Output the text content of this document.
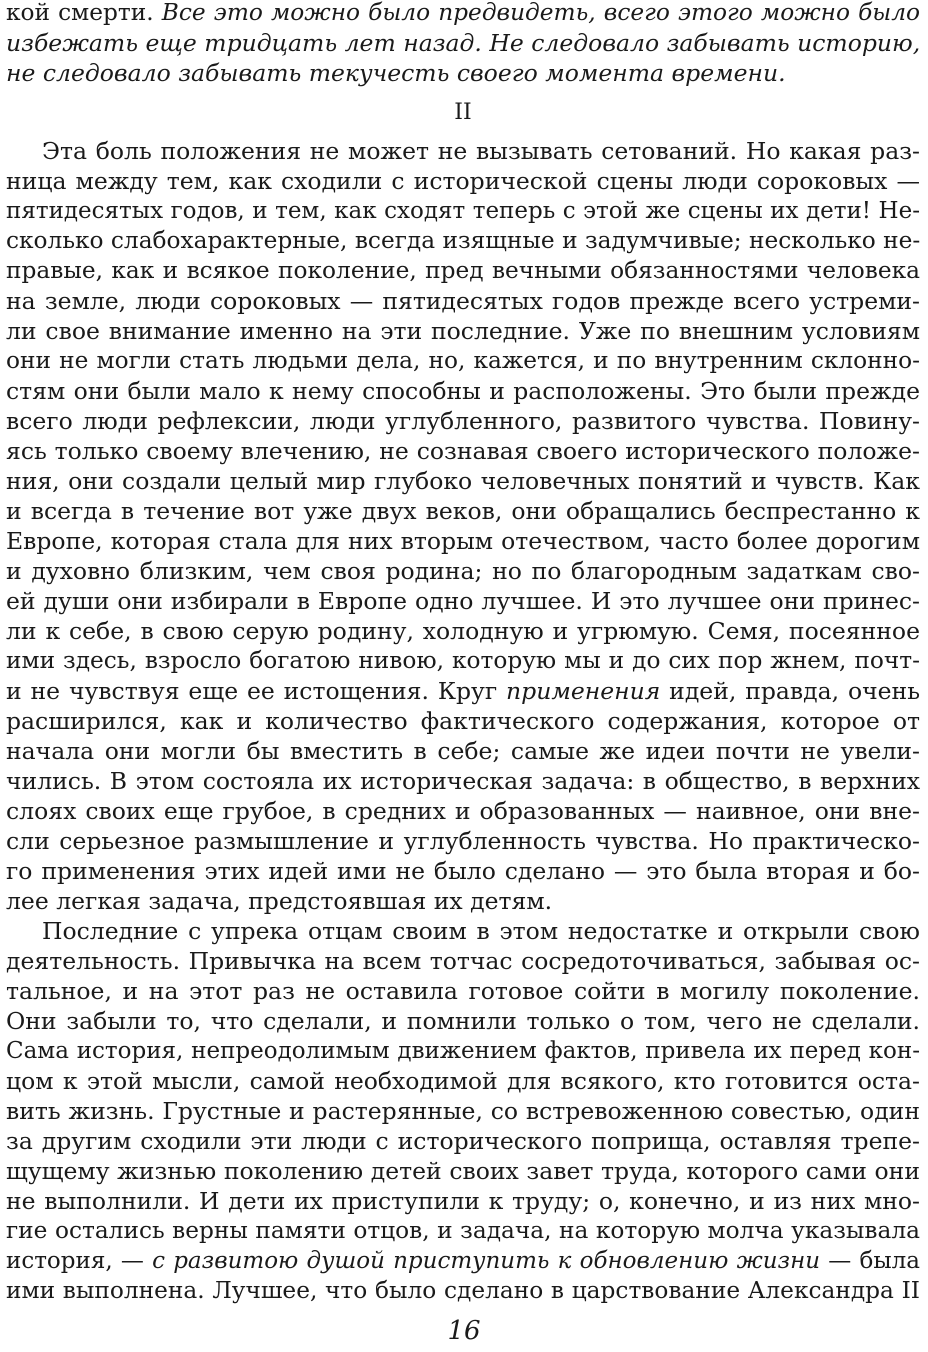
кой смерти. Все это можно было предвидеть, всего этого можно было
избежать еще тридцать лет назад. Не следовало забывать историю,
не следовало забывать текучесть своего момента времени.
II
Эта боль положения не может не вызывать сетований. Но какая раз-
ница между тем, как сходили с исторической сцены люди сороковых —
пятидесятых годов, и тем, как сходят теперь с этой же сцены их дети! Не-
сколько слабохарактерные, всегда изящные и задумчивые; несколько не-
правые, как и всякое поколение, пред вечными обязанностями человека
на земле, люди сороковых — пятидесятых годов прежде всего устреми-
ли свое внимание именно на эти последние. Уже по внешним условиям
они не могли стать людьми дела, но, кажется, и по внутренним склонно-
стям они были мало к нему способны и расположены. Это были прежде
всего люди рефлексии, люди углубленного, развитого чувства. Повину-
ясь только своему влечению, не сознавая своего исторического положе-
ния, они создали целый мир глубоко человечных понятий и чувств. Как
и всегда в течение вот уже двух веков, они обращались беспрестанно к
Европе, которая стала для них вторым отечеством, часто более дорогим
и духовно близким, чем своя родина; но по благородным задаткам сво-
ей души они избирали в Европе одно лучшее. И это лучшее они принес-
ли к себе, в свою серую родину, холодную и угрюмую. Семя, посеянное
ими здесь, взросло богатою нивою, которую мы и до сих пор жнем, почт-
и не чувствуя еще ее истощения. Круг применения идей, правда, очень
расширился, как и количество фактического содержания, которое от
начала они могли бы вместить в себе; самые же идеи почти не увели-
чились. В этом состояла их историческая задача: в общество, в верхних
слоях своих еще грубое, в средних и образованных — наивное, они вне-
сли серьезное размышление и углубленность чувства. Но практическо-
го применения этих идей ими не было сделано — это была вторая и бо-
лее легкая задача, предстоявшая их детям.
Последние с упрека отцам своим в этом недостатке и открыли свою
деятельность. Привычка на всем тотчас сосредоточиваться, забывая ос-
тальное, и на этот раз не оставила готовое сойти в могилу поколение.
Они забыли то, что сделали, и помнили только о том, чего не сделали.
Сама история, непреодолимым движением фактов, привела их перед кон-
цом к этой мысли, самой необходимой для всякого, кто готовится оста-
вить жизнь. Грустные и растерянные, со встревоженною совестью, один
за другим сходили эти люди с исторического поприща, оставляя трепе-
щущему жизнью поколению детей своих завет труда, которого сами они
не выполнили. И дети их приступили к труду; о, конечно, и из них мно-
гие остались верны памяти отцов, и задача, на которую молча указывала
история, — с развитою душой приступить к обновлению жизни — была
ими выполнена. Лучшее, что было сделано в царствование Александра II
16
